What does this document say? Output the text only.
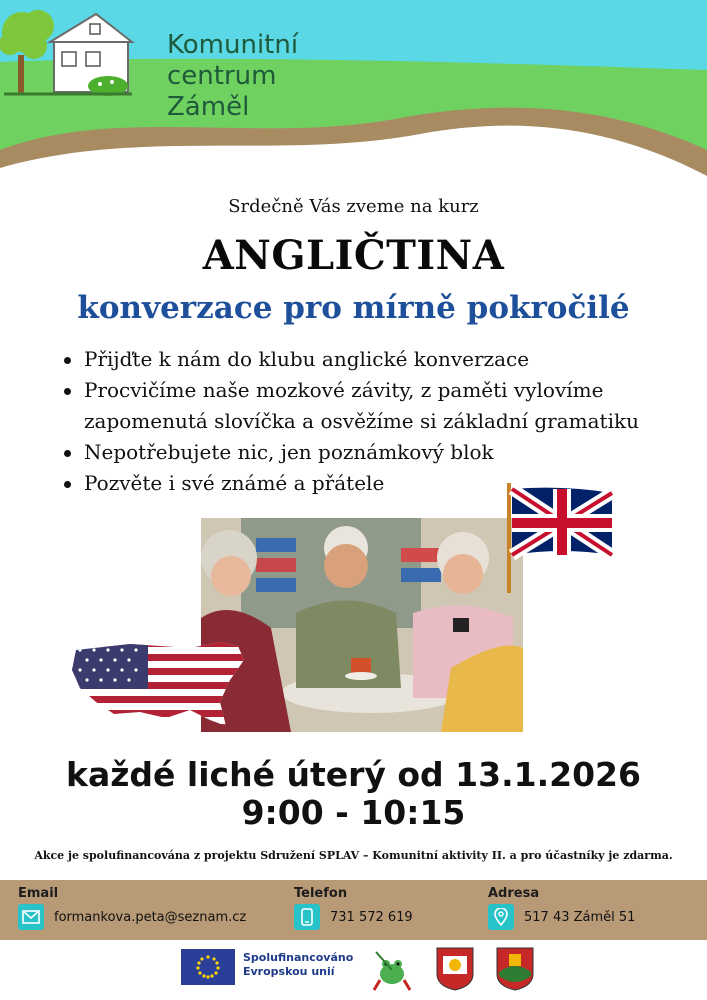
Komunitní
centrum
Záměl
Srdečně Vás zveme na kurz
ANGLIČTINA
konverzace pro mírně pokročilé
Přijďte k nám do klubu anglické konverzace
Procvičíme naše mozkové závity, z paměti vylovíme zapomenutá slovíčka a osvěžíme si základní gramatiku
Nepotřebujete nic, jen poznámkový blok
Pozvěte i své známé a přátele
každé liché úterý od 13.1.2026
9:00 - 10:15
Akce je spolufinancována z projektu Sdružení SPLAV – Komunitní aktivity II. a pro účastníky je zdarma.
Email
formankova.peta@seznam.cz
Telefon
731 572 619
Adresa
517 43 Záměl 51
Spolufinancováno
Evropskou unií
